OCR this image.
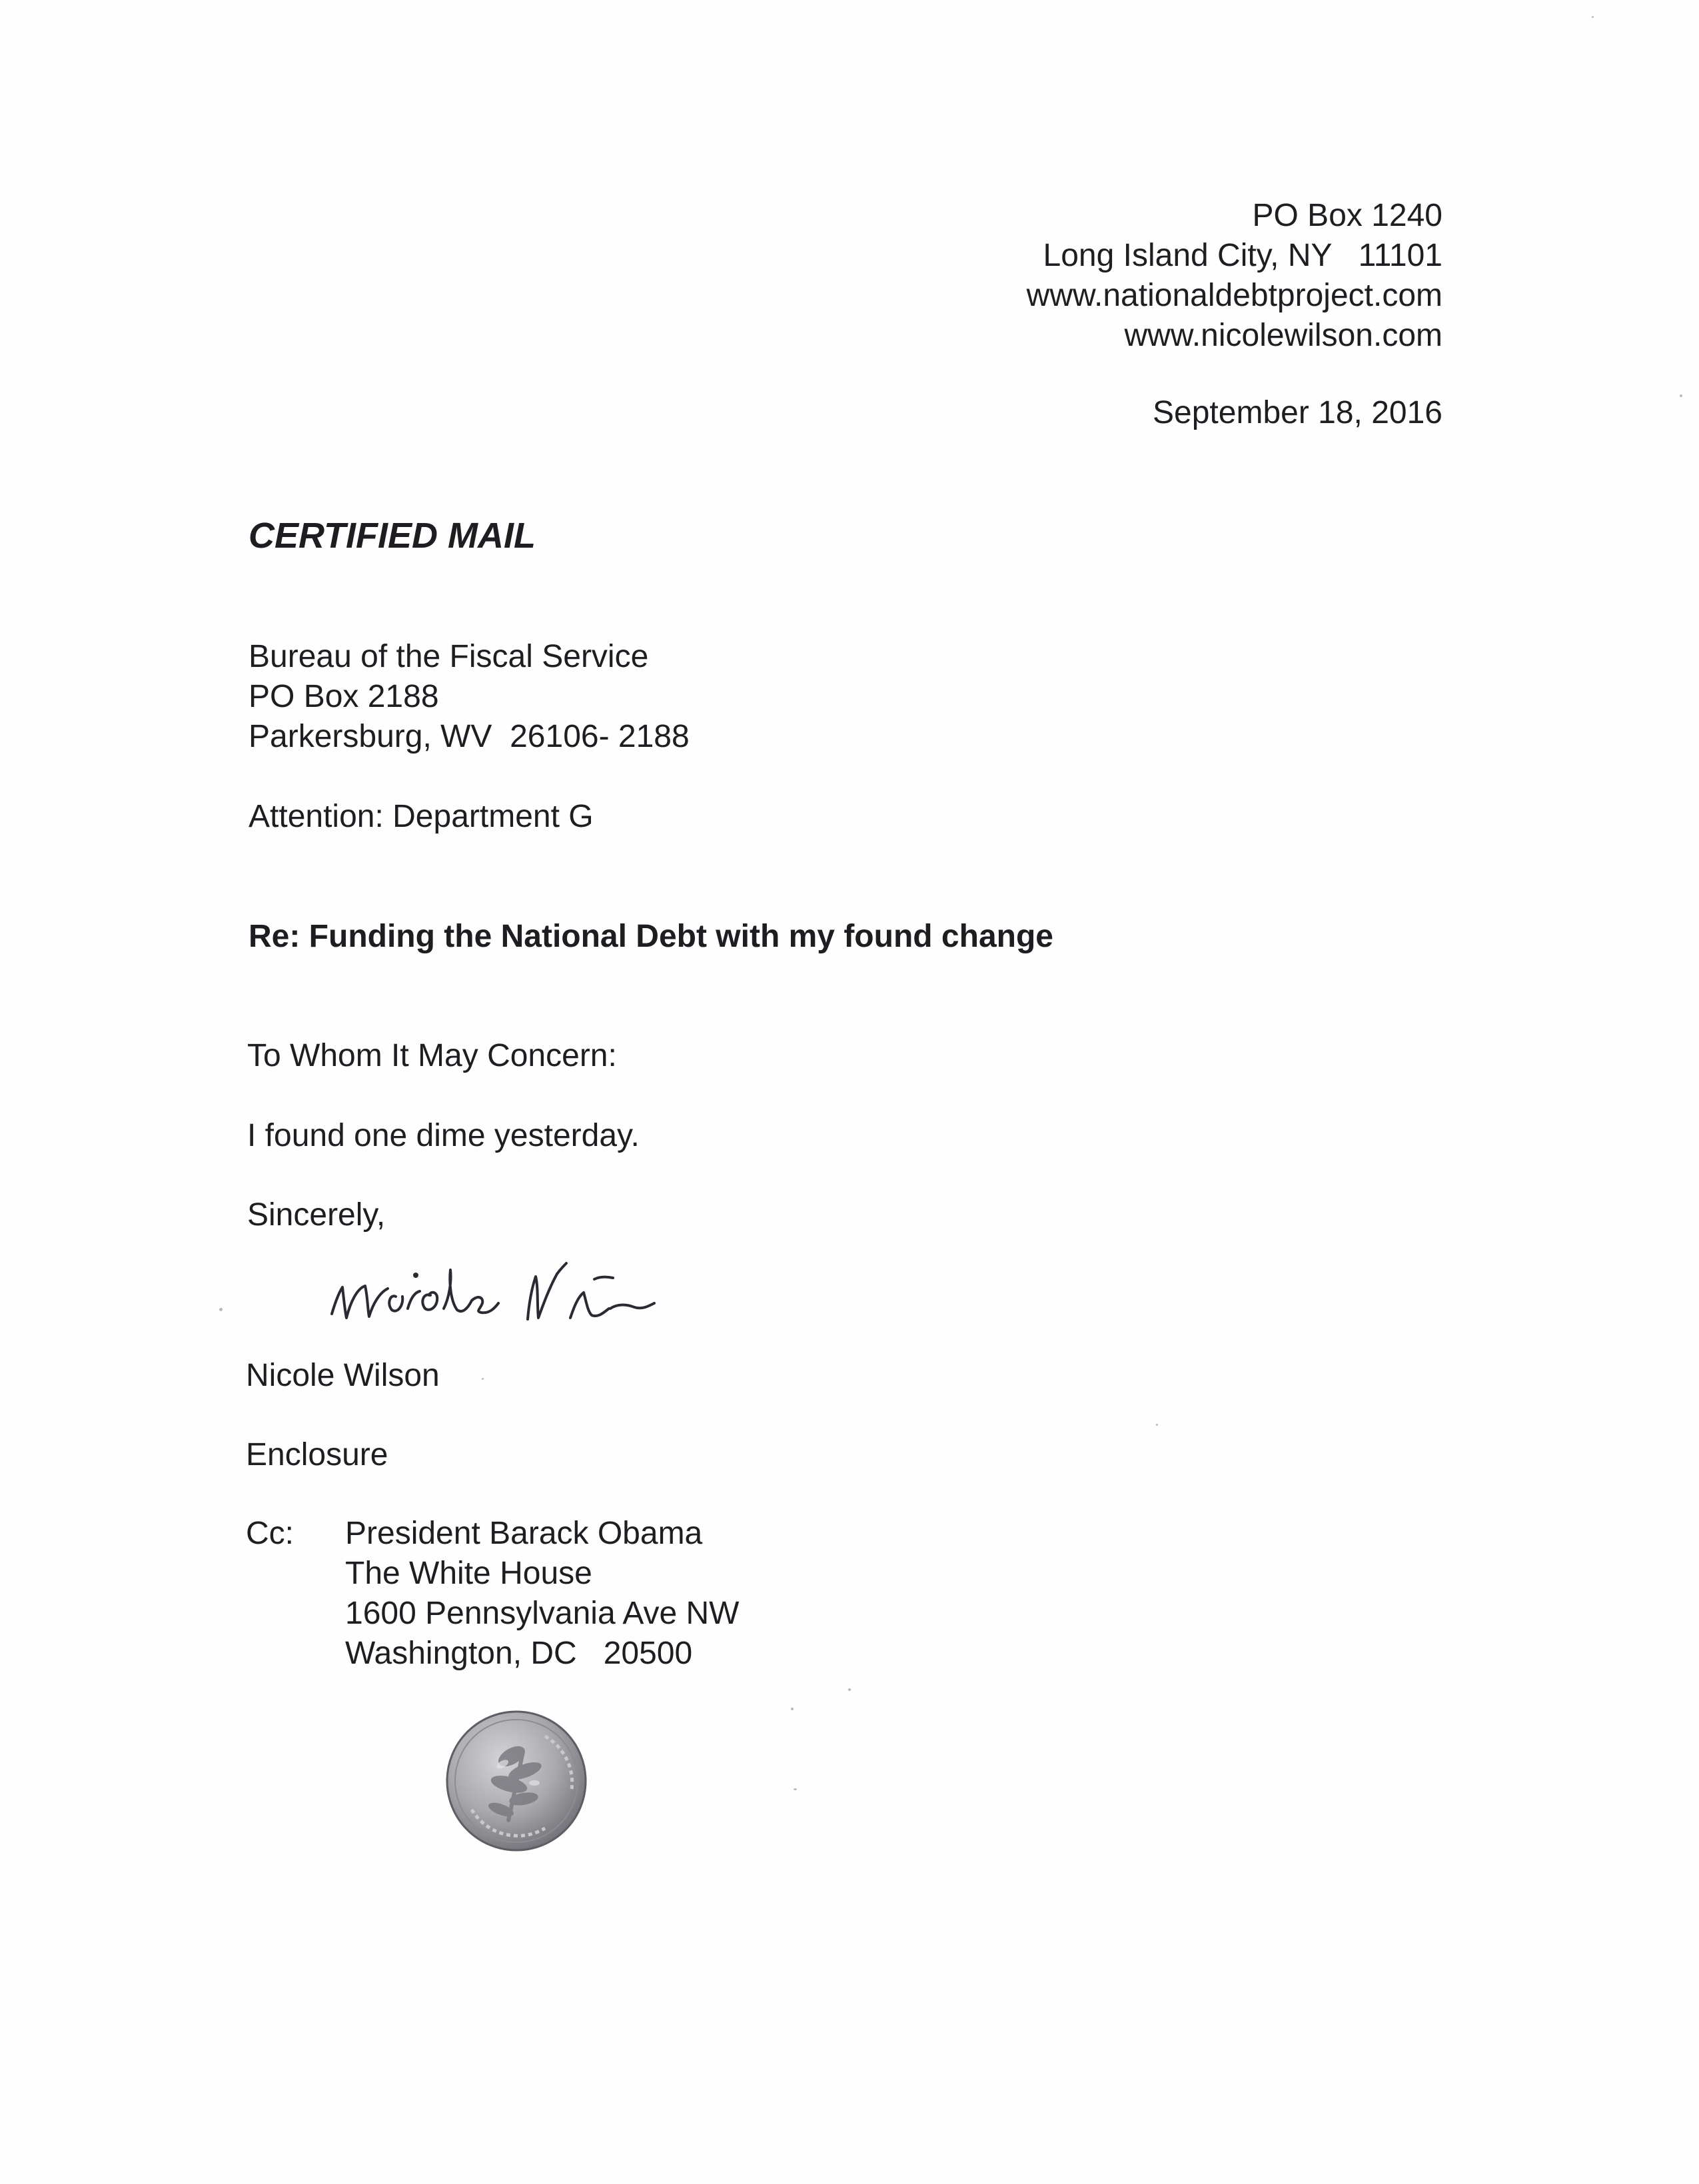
PO Box 1240
Long Island City, NY   11101
www.nationaldebtproject.com
www.nicolewilson.com
September 18, 2016
CERTIFIED MAIL
Bureau of the Fiscal Service
PO Box 2188
Parkersburg, WV  26106- 2188
Attention: Department G
Re: Funding the National Debt with my found change
To Whom It May Concern:
I found one dime yesterday.
Sincerely,
Nicole Wilson
Enclosure
Cc: President Barack Obama
The White House
1600 Pennsylvania Ave NW
Washington, DC   20500
